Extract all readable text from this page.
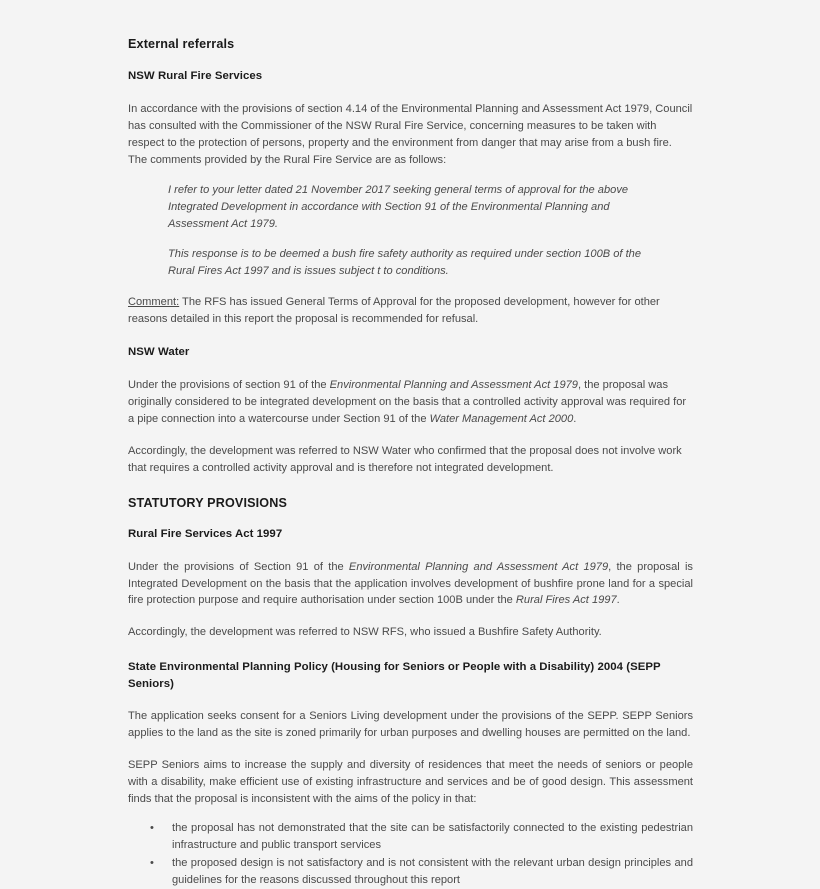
External referrals
NSW Rural Fire Services

In accordance with the provisions of section 4.14 of the Environmental Planning and Assessment Act 1979, Council has consulted with the Commissioner of the NSW Rural Fire Service, concerning measures to be taken with respect to the protection of persons, property and the environment from danger that may arise from a bush fire. The comments provided by the Rural Fire Service are as follows:

I refer to your letter dated 21 November 2017 seeking general terms of approval for the above Integrated Development in accordance with Section 91 of the Environmental Planning and Assessment Act 1979.

This response is to be deemed a bush fire safety authority as required under section 100B of the Rural Fires Act 1997 and is issues subject t to conditions.

Comment: The RFS has issued General Terms of Approval for the proposed development, however for other reasons detailed in this report the proposal is recommended for refusal.

NSW Water

Under the provisions of section 91 of the Environmental Planning and Assessment Act 1979, the proposal was originally considered to be integrated development on the basis that a controlled activity approval was required for a pipe connection into a watercourse under Section 91 of the Water Management Act 2000.

Accordingly, the development was referred to NSW Water who confirmed that the proposal does not involve work that requires a controlled activity approval and is therefore not integrated development.

STATUTORY PROVISIONS
Rural Fire Services Act 1997

Under the provisions of Section 91 of the Environmental Planning and Assessment Act 1979, the proposal is Integrated Development on the basis that the application involves development of bushfire prone land for a special fire protection purpose and require authorisation under section 100B under the Rural Fires Act 1997.

Accordingly, the development was referred to NSW RFS, who issued a Bushfire Safety Authority.

State Environmental Planning Policy (Housing for Seniors or People with a Disability) 2004 (SEPP Seniors)

The application seeks consent for a Seniors Living development under the provisions of the SEPP. SEPP Seniors applies to the land as the site is zoned primarily for urban purposes and dwelling houses are permitted on the land.

SEPP Seniors aims to increase the supply and diversity of residences that meet the needs of seniors or people with a disability, make efficient use of existing infrastructure and services and be of good design. This assessment finds that the proposal is inconsistent with the aims of the policy in that:

• the proposal has not demonstrated that the site can be satisfactorily connected to the existing pedestrian infrastructure and public transport services
• the proposed design is not satisfactory and is not consistent with the relevant urban design principles and guidelines for the reasons discussed throughout this report
